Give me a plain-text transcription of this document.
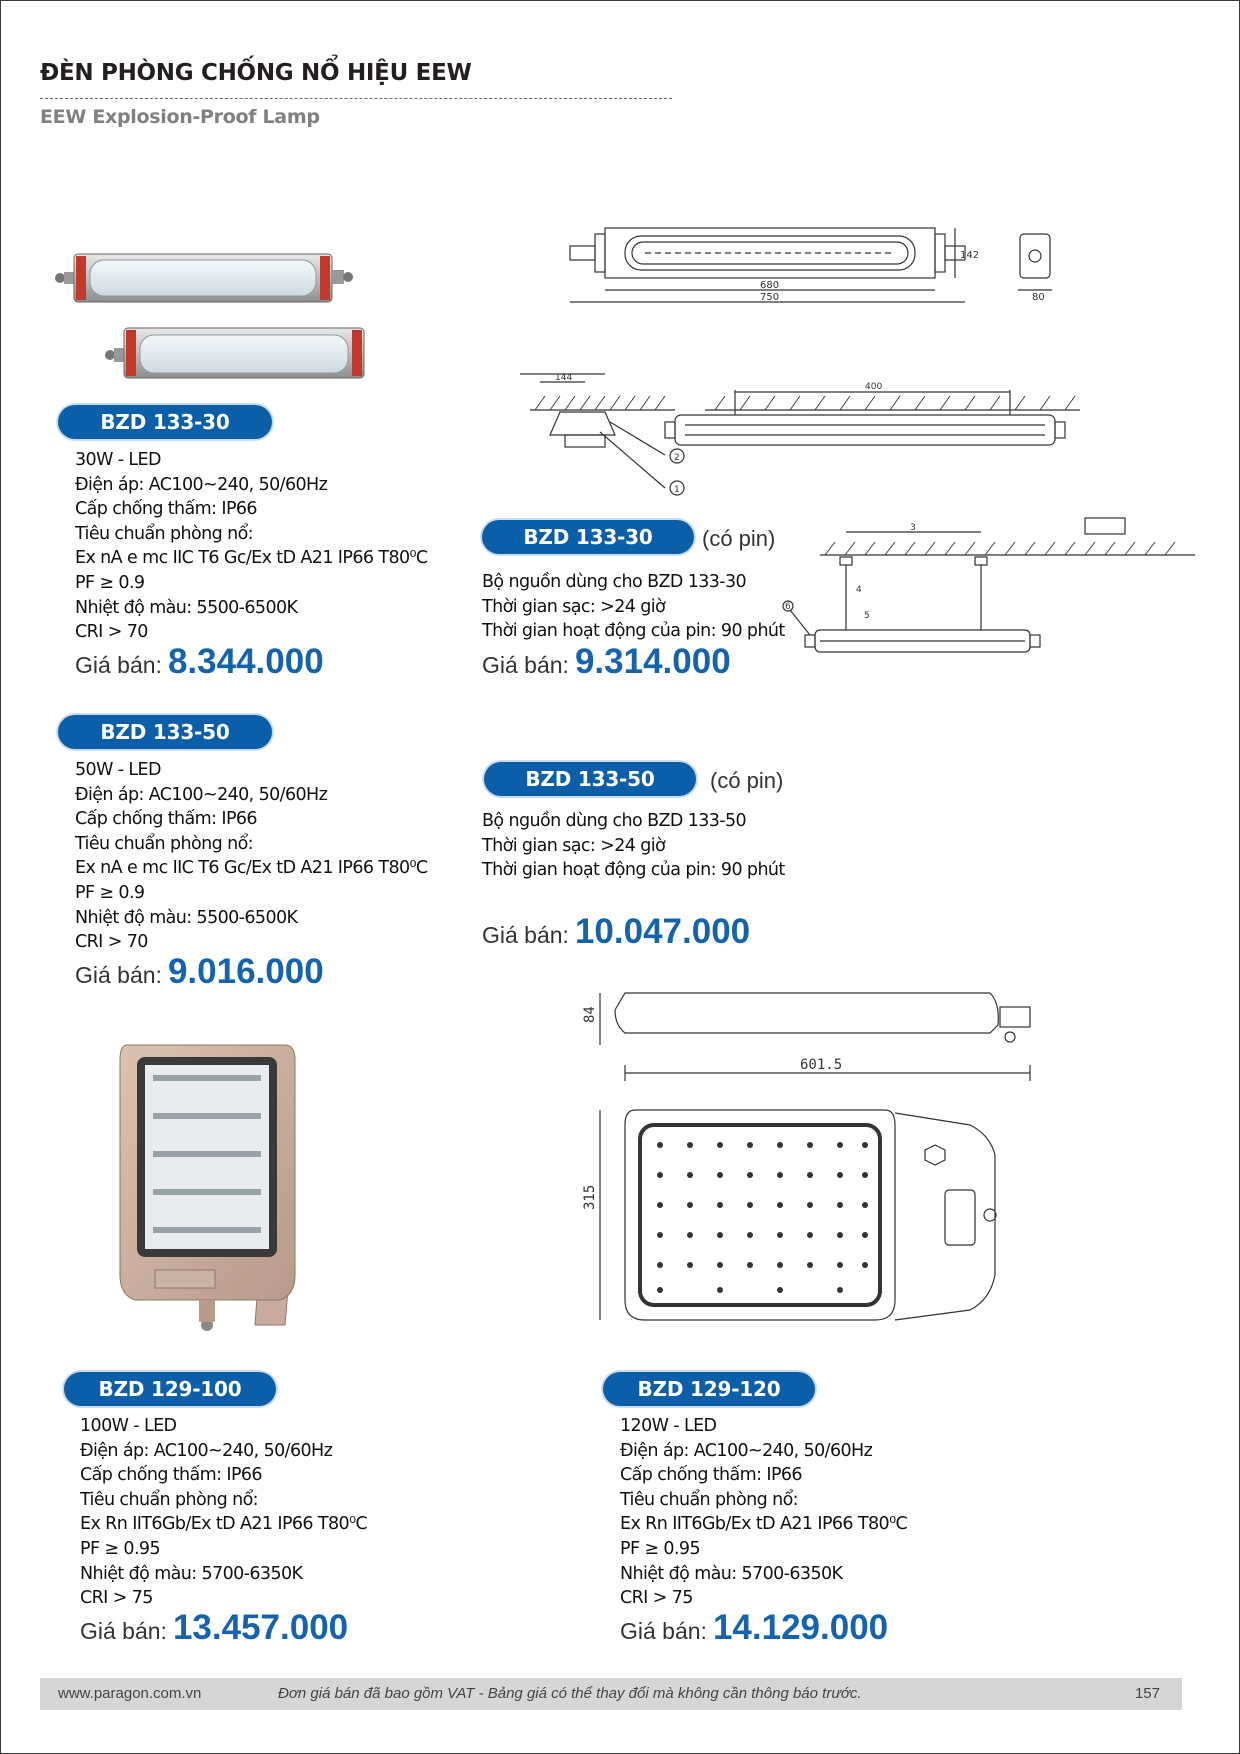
ĐÈN PHÒNG CHỐNG NỔ HIỆU EEW
EEW Explosion-Proof Lamp
680
750
142
80
144
400
2
1
3
4
5
6
BZD 133-30
30W - LED
Điện áp: AC100~240, 50/60Hz
Cấp chống thấm: IP66
Tiêu chuẩn phòng nổ:
Ex nA e mc IIC T6 Gc/Ex tD A21 IP66 T80⁰C
PF ≥ 0.9
Nhiệt độ màu: 5500-6500K
CRI > 70
Giá bán: 8.344.000
BZD 133-30	(có pin)
Bộ nguồn dùng cho BZD 133-30
Thời gian sạc: >24 giờ
Thời gian hoạt động của pin: 90 phút
Giá bán: 9.314.000
BZD 133-50
50W - LED
Điện áp: AC100~240, 50/60Hz
Cấp chống thấm: IP66
Tiêu chuẩn phòng nổ:
Ex nA e mc IIC T6 Gc/Ex tD A21 IP66 T80⁰C
PF ≥ 0.9
Nhiệt độ màu: 5500-6500K
CRI > 70
Giá bán: 9.016.000
BZD 133-50	(có pin)
Bộ nguồn dùng cho BZD 133-50
Thời gian sạc: >24 giờ
Thời gian hoạt động của pin: 90 phút
Giá bán: 10.047.000
601.5
315
84
BZD 129-100
100W - LED
Điện áp: AC100~240, 50/60Hz
Cấp chống thấm: IP66
Tiêu chuẩn phòng nổ:
Ex Rn IIT6Gb/Ex tD A21 IP66 T80⁰C
PF ≥ 0.95
Nhiệt độ màu: 5700-6350K
CRI > 75
Giá bán: 13.457.000
BZD 129-120
120W - LED
Điện áp: AC100~240, 50/60Hz
Cấp chống thấm: IP66
Tiêu chuẩn phòng nổ:
Ex Rn IIT6Gb/Ex tD A21 IP66 T80⁰C
PF ≥ 0.95
Nhiệt độ màu: 5700-6350K
CRI > 75
Giá bán: 14.129.000
www.paragon.com.vn	Đơn giá bán đã bao gồm VAT - Bảng giá có thể thay đổi mà không cần thông báo trước.	157
